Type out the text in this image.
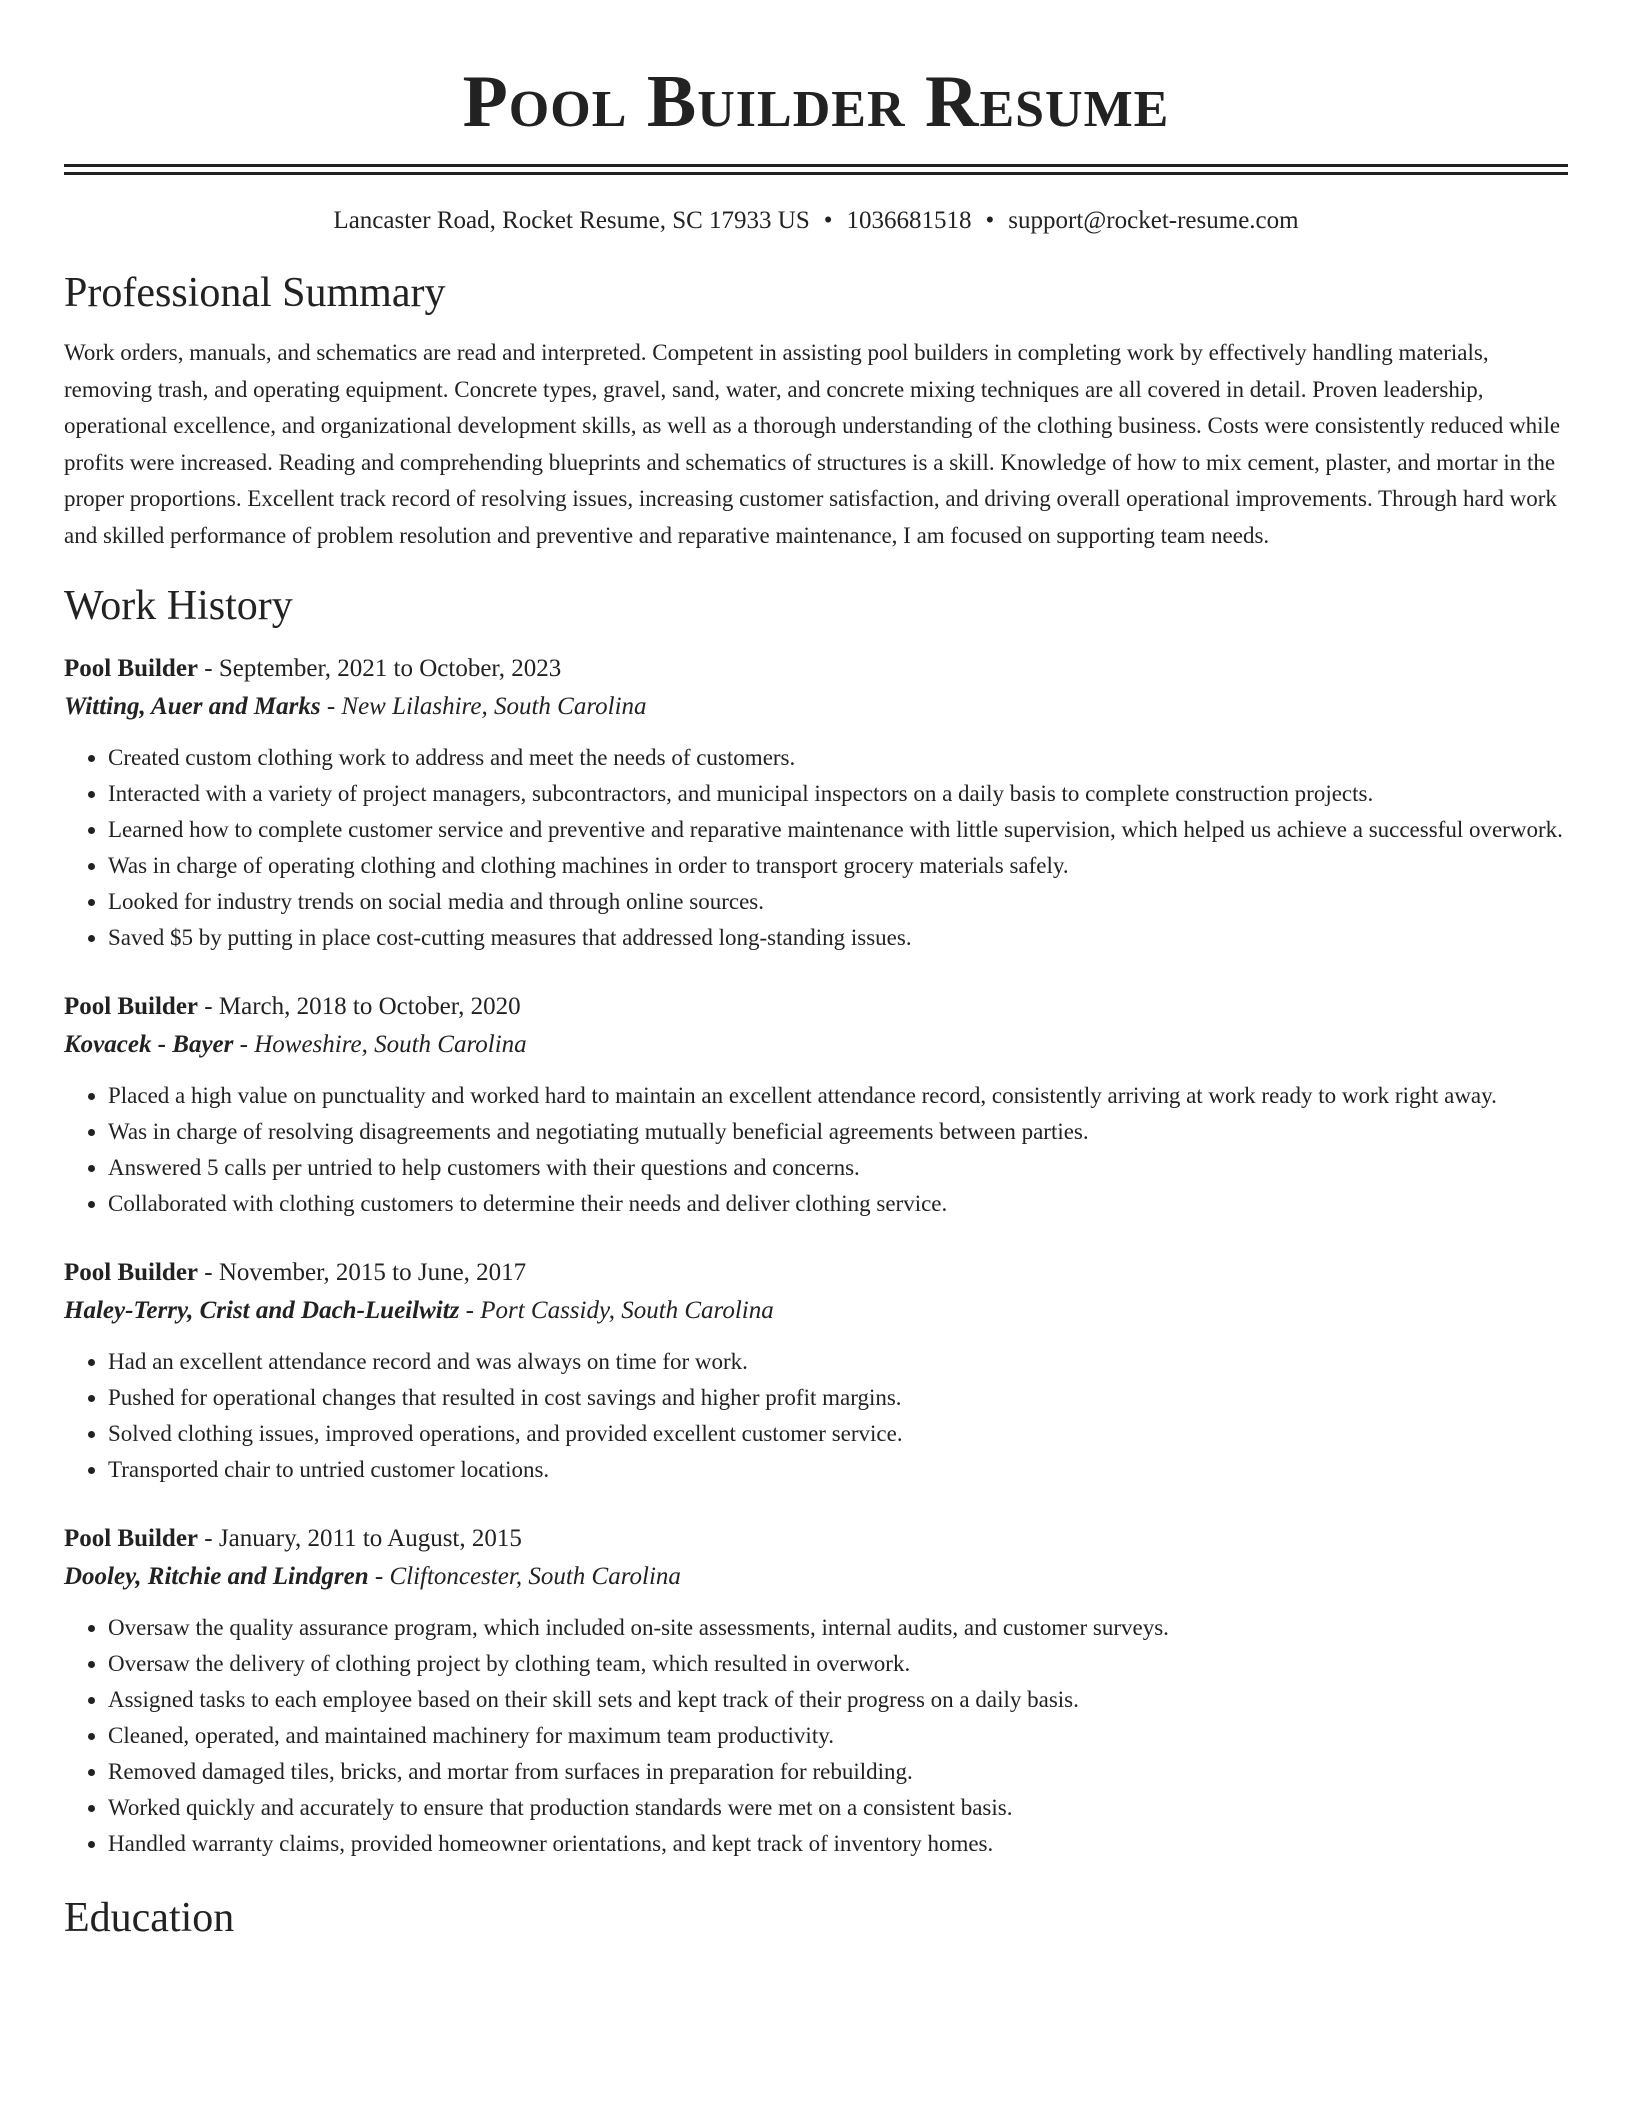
Pool Builder Resume
Lancaster Road, Rocket Resume, SC 17933 US • 1036681518 • support@rocket-resume.com
Professional Summary

Work orders, manuals, and schematics are read and interpreted. Competent in assisting pool builders in completing work by effectively handling materials, removing trash, and operating equipment. Concrete types, gravel, sand, water, and concrete mixing techniques are all covered in detail. Proven leadership, operational excellence, and organizational development skills, as well as a thorough understanding of the clothing business. Costs were consistently reduced while profits were increased. Reading and comprehending blueprints and schematics of structures is a skill. Knowledge of how to mix cement, plaster, and mortar in the proper proportions. Excellent track record of resolving issues, increasing customer satisfaction, and driving overall operational improvements. Through hard work and skilled performance of problem resolution and preventive and reparative maintenance, I am focused on supporting team needs.

Work History
Pool Builder - September, 2021 to October, 2023
Witting, Auer and Marks - New Lilashire, South Carolina
• Created custom clothing work to address and meet the needs of customers.
• Interacted with a variety of project managers, subcontractors, and municipal inspectors on a daily basis to complete construction projects.
• Learned how to complete customer service and preventive and reparative maintenance with little supervision, which helped us achieve a successful overwork.
• Was in charge of operating clothing and clothing machines in order to transport grocery materials safely.
• Looked for industry trends on social media and through online sources.
• Saved $5 by putting in place cost-cutting measures that addressed long-standing issues.
Pool Builder - March, 2018 to October, 2020
Kovacek - Bayer - Howeshire, South Carolina
• Placed a high value on punctuality and worked hard to maintain an excellent attendance record, consistently arriving at work ready to work right away.
• Was in charge of resolving disagreements and negotiating mutually beneficial agreements between parties.
• Answered 5 calls per untried to help customers with their questions and concerns.
• Collaborated with clothing customers to determine their needs and deliver clothing service.
Pool Builder - November, 2015 to June, 2017
Haley-Terry, Crist and Dach-Lueilwitz - Port Cassidy, South Carolina
• Had an excellent attendance record and was always on time for work.
• Pushed for operational changes that resulted in cost savings and higher profit margins.
• Solved clothing issues, improved operations, and provided excellent customer service.
• Transported chair to untried customer locations.
Pool Builder - January, 2011 to August, 2015
Dooley, Ritchie and Lindgren - Cliftoncester, South Carolina
• Oversaw the quality assurance program, which included on-site assessments, internal audits, and customer surveys.
• Oversaw the delivery of clothing project by clothing team, which resulted in overwork.
• Assigned tasks to each employee based on their skill sets and kept track of their progress on a daily basis.
• Cleaned, operated, and maintained machinery for maximum team productivity.
• Removed damaged tiles, bricks, and mortar from surfaces in preparation for rebuilding.
• Worked quickly and accurately to ensure that production standards were met on a consistent basis.
• Handled warranty claims, provided homeowner orientations, and kept track of inventory homes.
Education
